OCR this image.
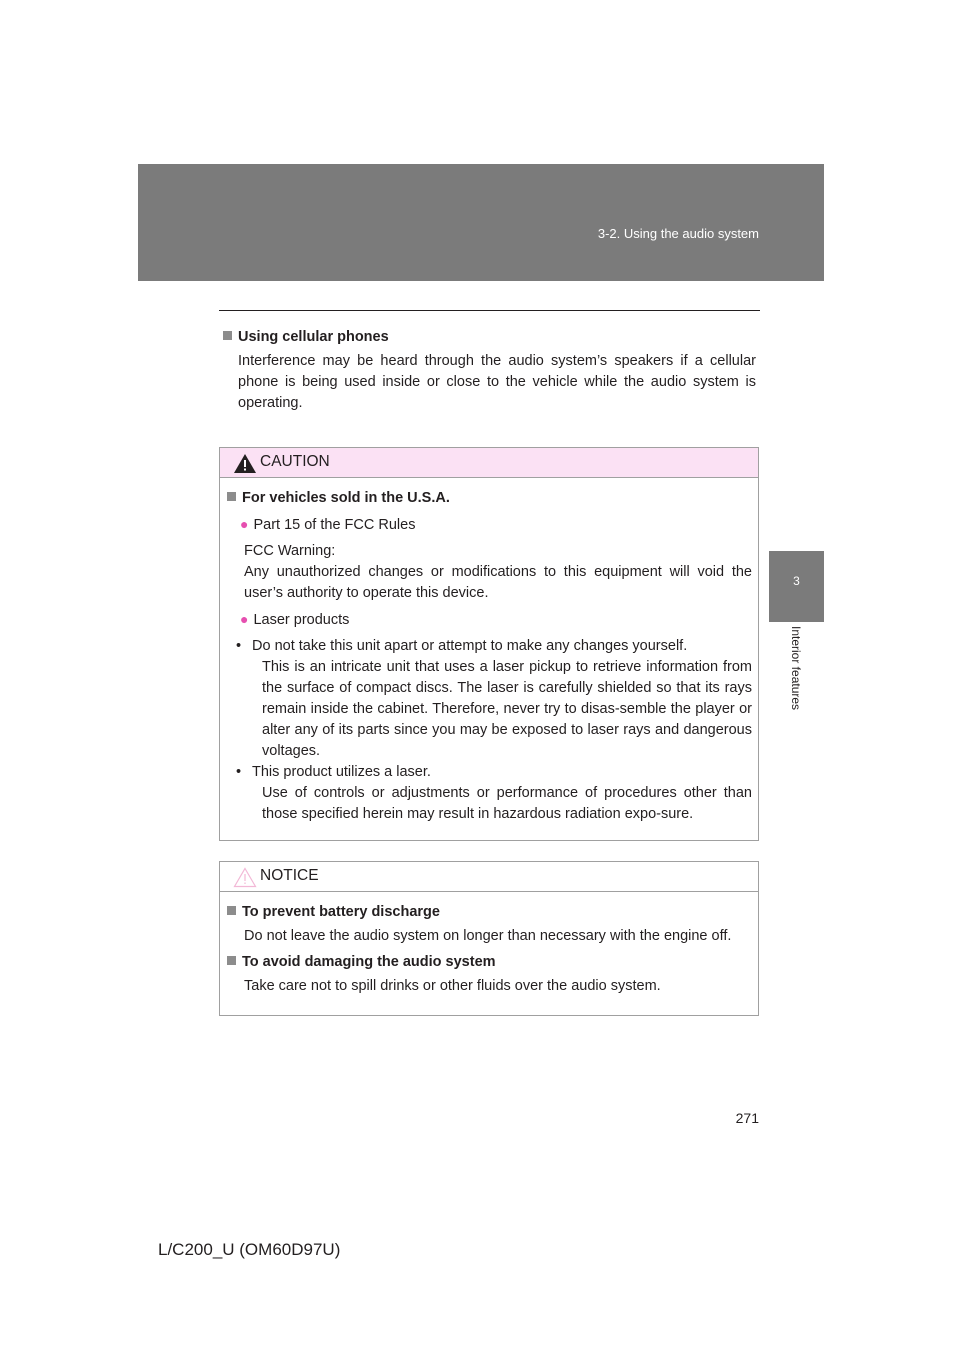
3-2. Using the audio system
3
Interior features
Using cellular phones
Interference may be heard through the audio system’s speakers if a cellular phone is being used inside or close to the vehicle while the audio system is operating.
CAUTION
For vehicles sold in the U.S.A.
● Part 15 of the FCC Rules
FCC Warning:
Any unauthorized changes or modifications to this equipment will void the user’s authority to operate this device.
● Laser products
• Do not take this unit apart or attempt to make any changes yourself.
This is an intricate unit that uses a laser pickup to retrieve information from the surface of compact discs. The laser is carefully shielded so that its rays remain inside the cabinet. Therefore, never try to disas-semble the player or alter any of its parts since you may be exposed to laser rays and dangerous voltages.
• This product utilizes a laser.
Use of controls or adjustments or performance of procedures other than those specified herein may result in hazardous radiation expo-sure.
NOTICE
To prevent battery discharge
Do not leave the audio system on longer than necessary with the engine off.
To avoid damaging the audio system
Take care not to spill drinks or other fluids over the audio system.
271
L/C200_U (OM60D97U)
